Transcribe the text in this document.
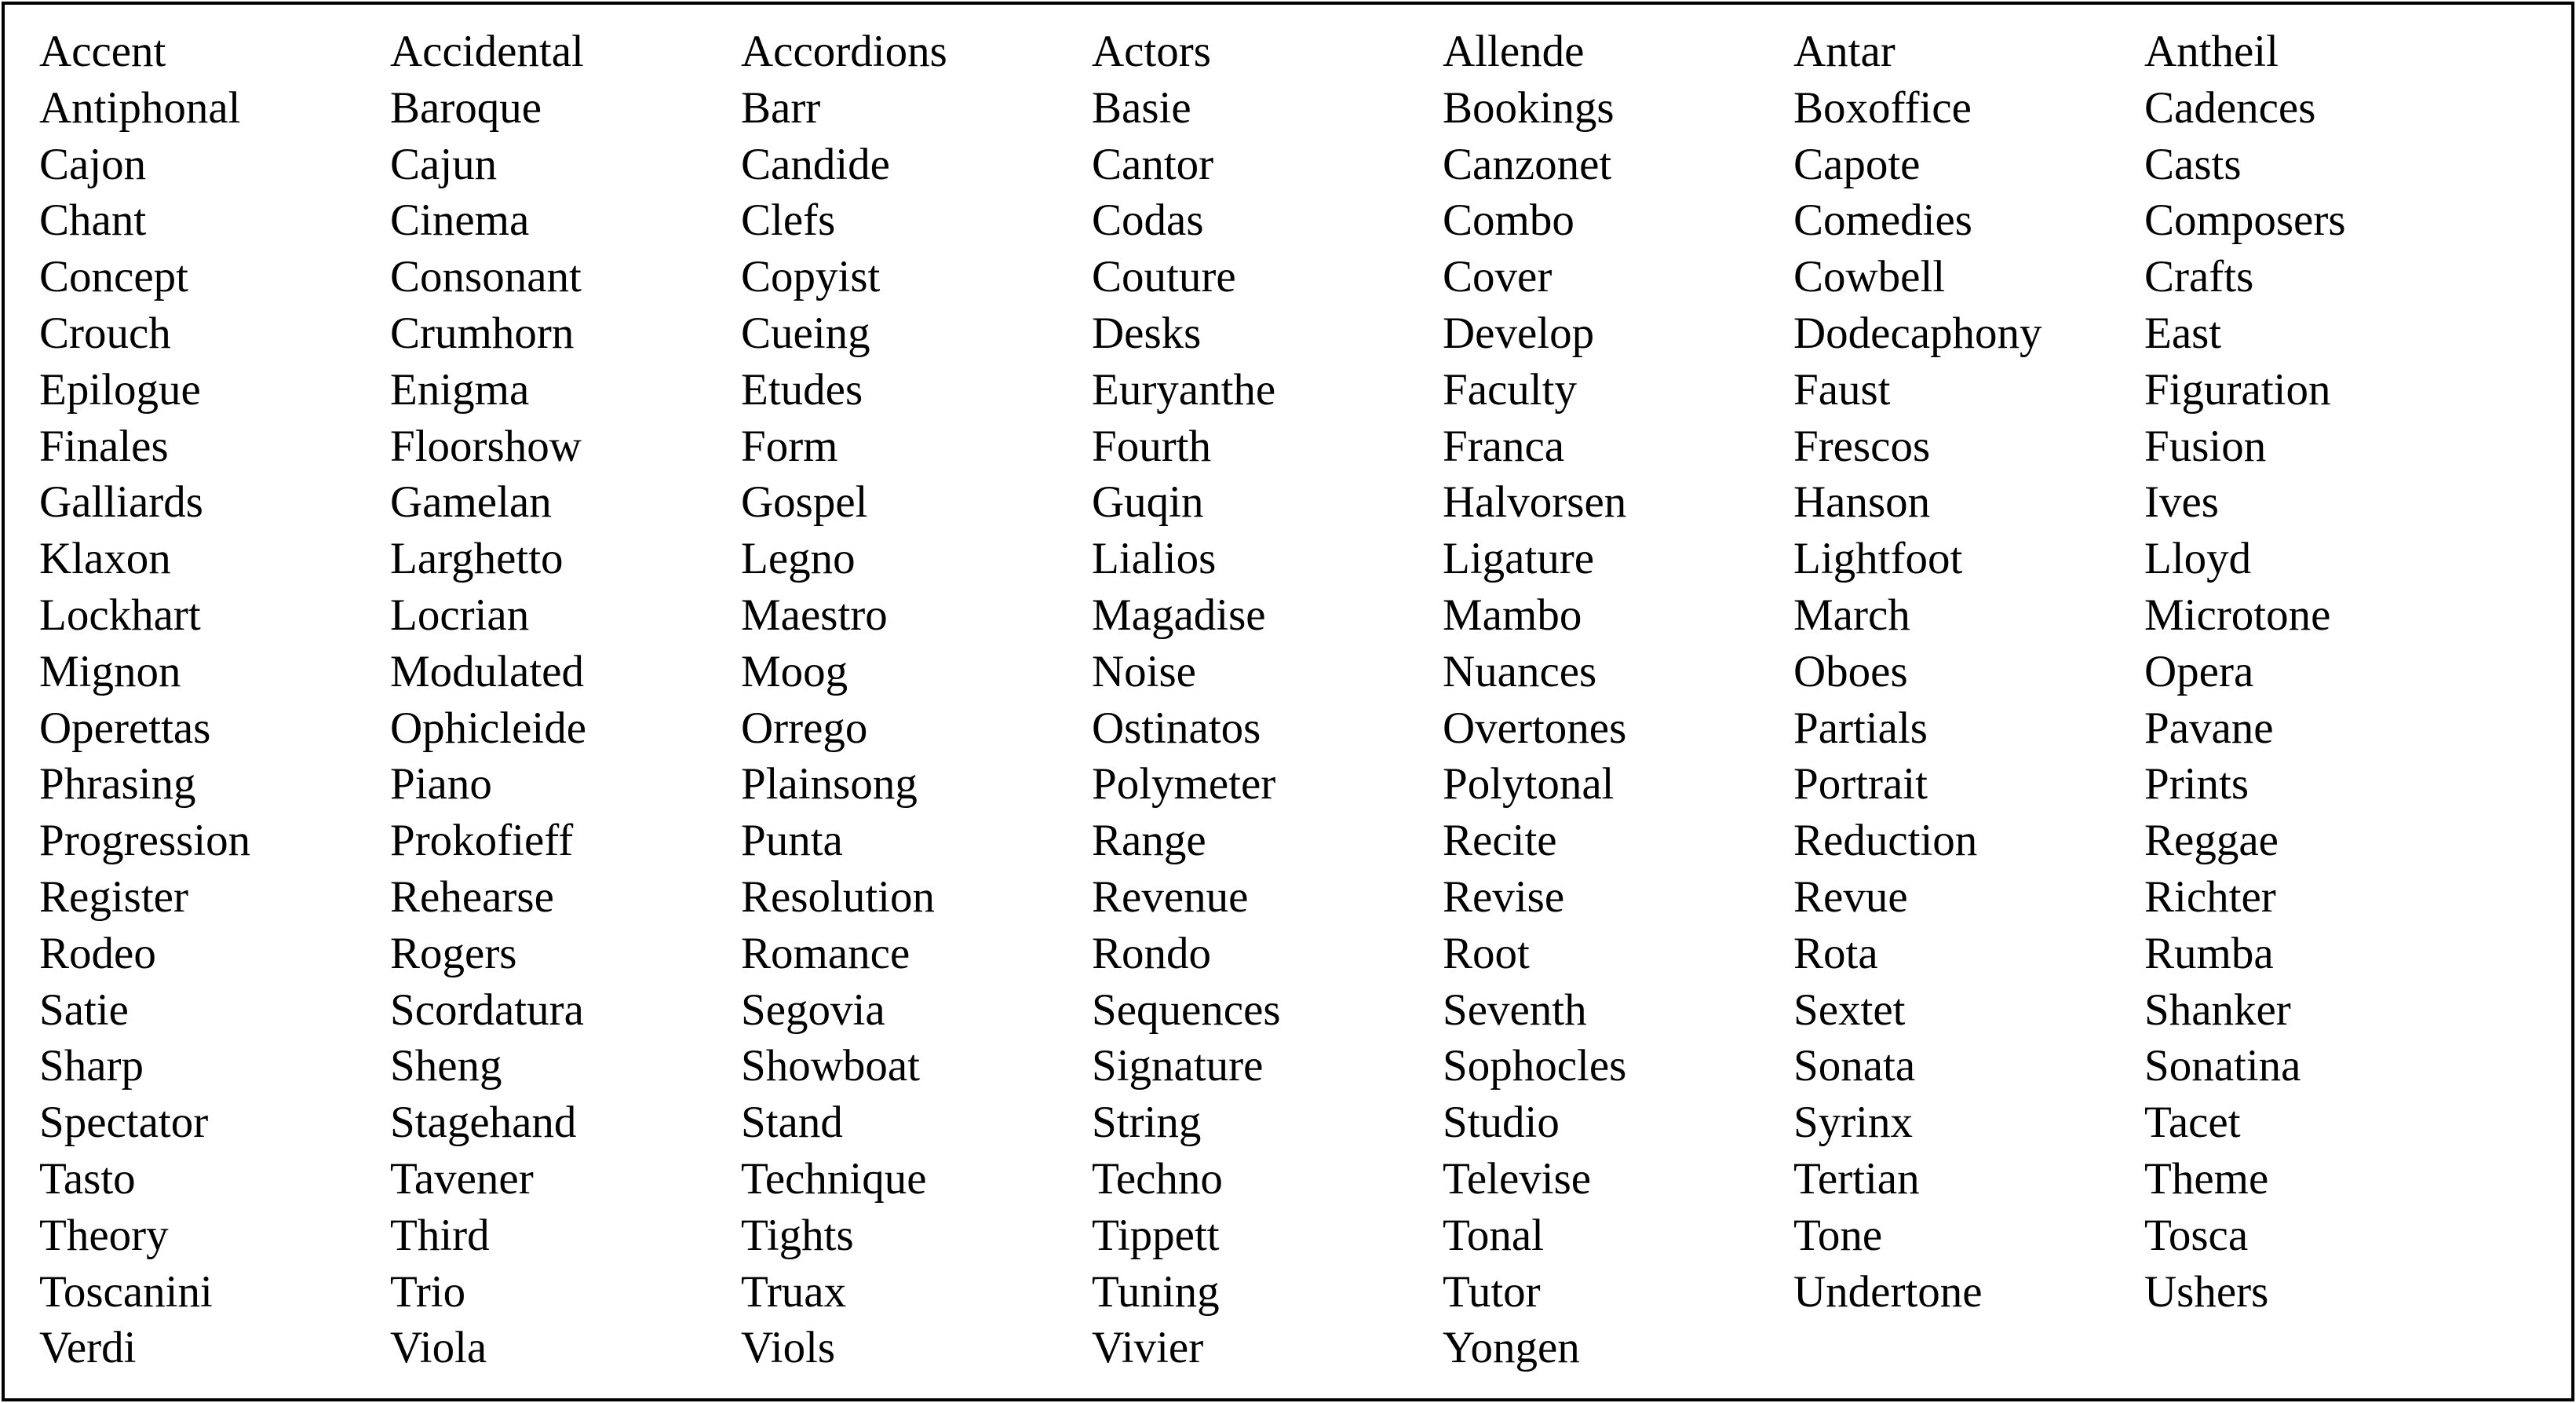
Accent	Accidental	Accordions	Actors	Allende	Antar	Antheil
Antiphonal	Baroque	Barr	Basie	Bookings	Boxoffice	Cadences
Cajon	Cajun	Candide	Cantor	Canzonet	Capote	Casts
Chant	Cinema	Clefs	Codas	Combo	Comedies	Composers
Concept	Consonant	Copyist	Couture	Cover	Cowbell	Crafts
Crouch	Crumhorn	Cueing	Desks	Develop	Dodecaphony	East
Epilogue	Enigma	Etudes	Euryanthe	Faculty	Faust	Figuration
Finales	Floorshow	Form	Fourth	Franca	Frescos	Fusion
Galliards	Gamelan	Gospel	Guqin	Halvorsen	Hanson	Ives
Klaxon	Larghetto	Legno	Lialios	Ligature	Lightfoot	Lloyd
Lockhart	Locrian	Maestro	Magadise	Mambo	March	Microtone
Mignon	Modulated	Moog	Noise	Nuances	Oboes	Opera
Operettas	Ophicleide	Orrego	Ostinatos	Overtones	Partials	Pavane
Phrasing	Piano	Plainsong	Polymeter	Polytonal	Portrait	Prints
Progression	Prokofieff	Punta	Range	Recite	Reduction	Reggae
Register	Rehearse	Resolution	Revenue	Revise	Revue	Richter
Rodeo	Rogers	Romance	Rondo	Root	Rota	Rumba
Satie	Scordatura	Segovia	Sequences	Seventh	Sextet	Shanker
Sharp	Sheng	Showboat	Signature	Sophocles	Sonata	Sonatina
Spectator	Stagehand	Stand	String	Studio	Syrinx	Tacet
Tasto	Tavener	Technique	Techno	Televise	Tertian	Theme
Theory	Third	Tights	Tippett	Tonal	Tone	Tosca
Toscanini	Trio	Truax	Tuning	Tutor	Undertone	Ushers
Verdi	Viola	Viols	Vivier	Yongen
